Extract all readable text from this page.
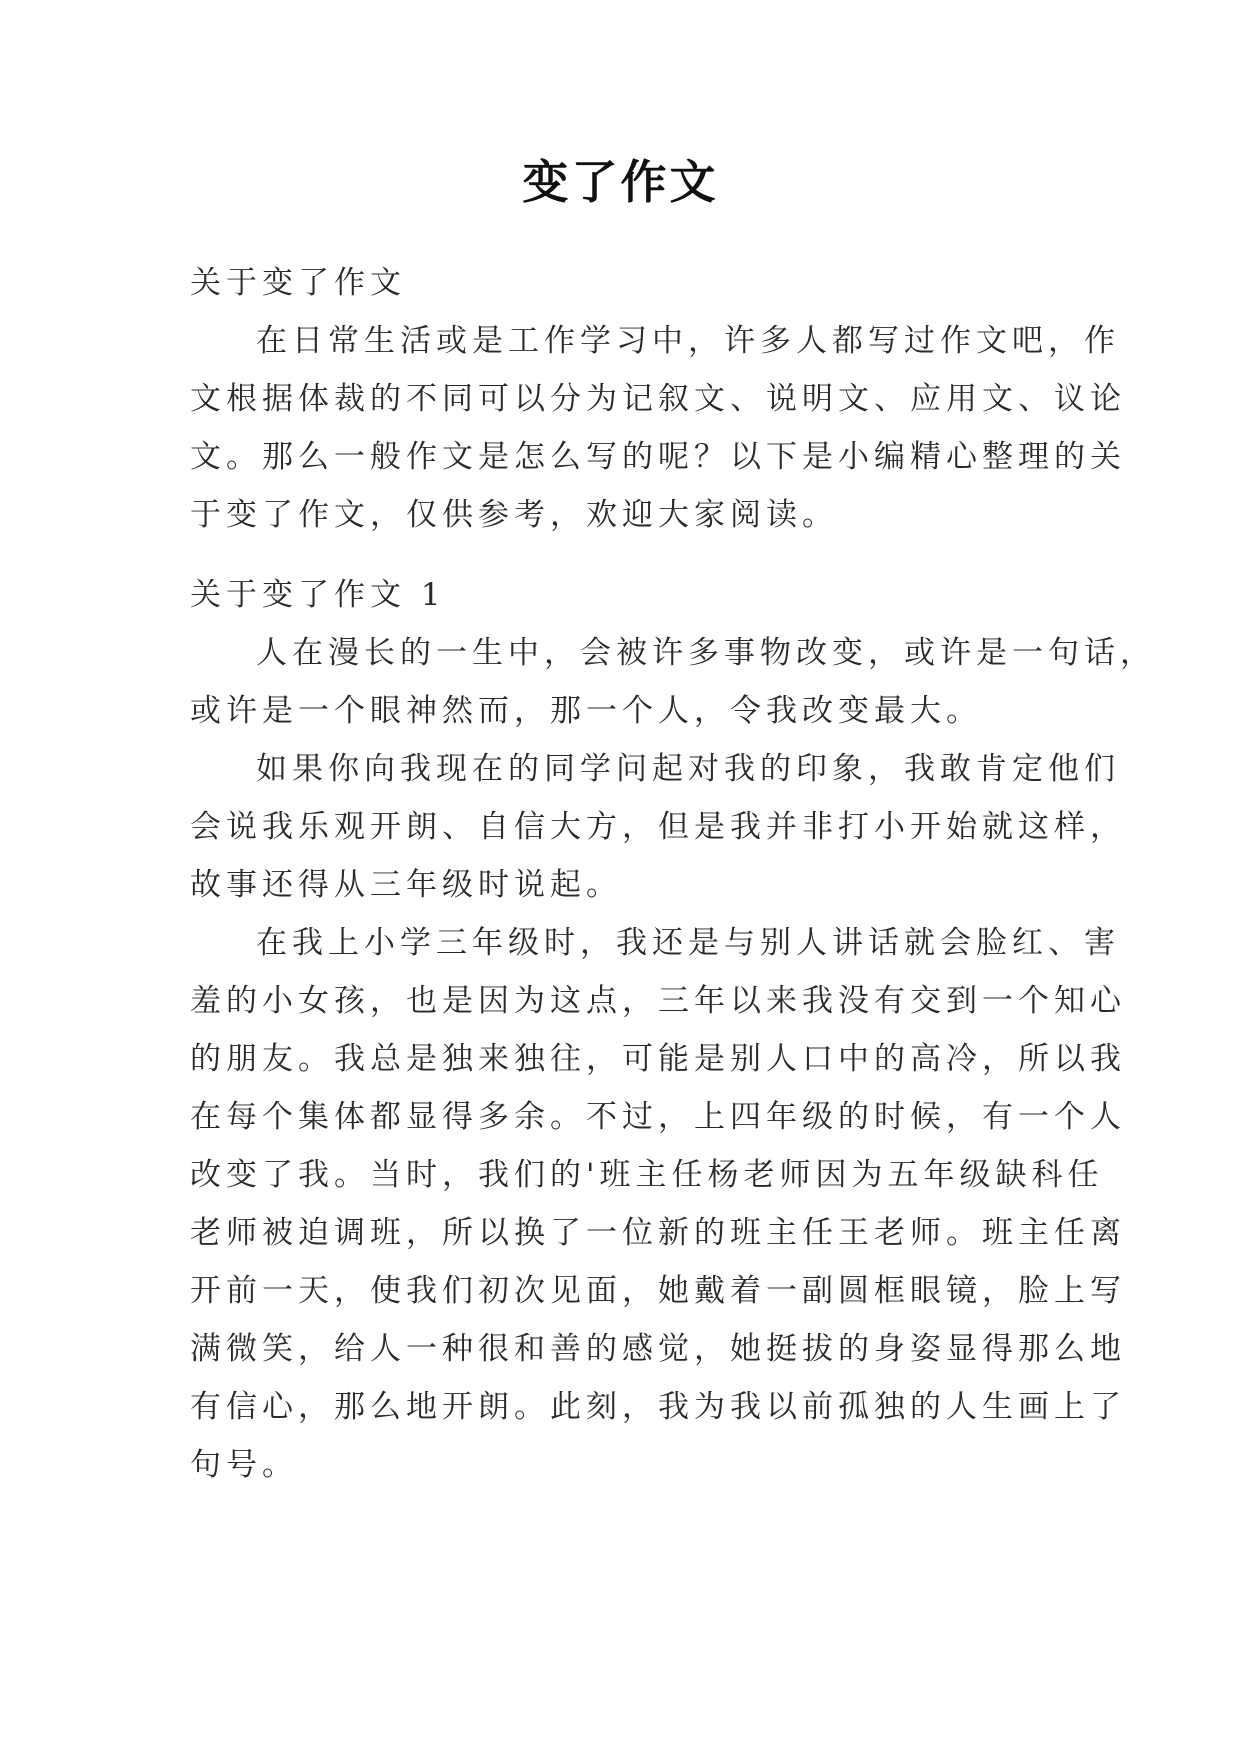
变了作文
关于变了作文
在日常生活或是工作学习中，许多人都写过作文吧，作
文根据体裁的不同可以分为记叙文、说明文、应用文、议论
文。那么一般作文是怎么写的呢？以下是小编精心整理的关
于变了作文，仅供参考，欢迎大家阅读。
关于变了作文 1
人在漫长的一生中，会被许多事物改变，或许是一句话，
或许是一个眼神然而，那一个人，令我改变最大。
如果你向我现在的同学问起对我的印象，我敢肯定他们
会说我乐观开朗、自信大方，但是我并非打小开始就这样，
故事还得从三年级时说起。
在我上小学三年级时，我还是与别人讲话就会脸红、害
羞的小女孩，也是因为这点，三年以来我没有交到一个知心
的朋友。我总是独来独往，可能是别人口中的高冷，所以我
在每个集体都显得多余。不过，上四年级的时候，有一个人
改变了我。当时，我们的'班主任杨老师因为五年级缺科任
老师被迫调班，所以换了一位新的班主任王老师。班主任离
开前一天，使我们初次见面，她戴着一副圆框眼镜，脸上写
满微笑，给人一种很和善的感觉，她挺拔的身姿显得那么地
有信心，那么地开朗。此刻，我为我以前孤独的人生画上了
句号。
